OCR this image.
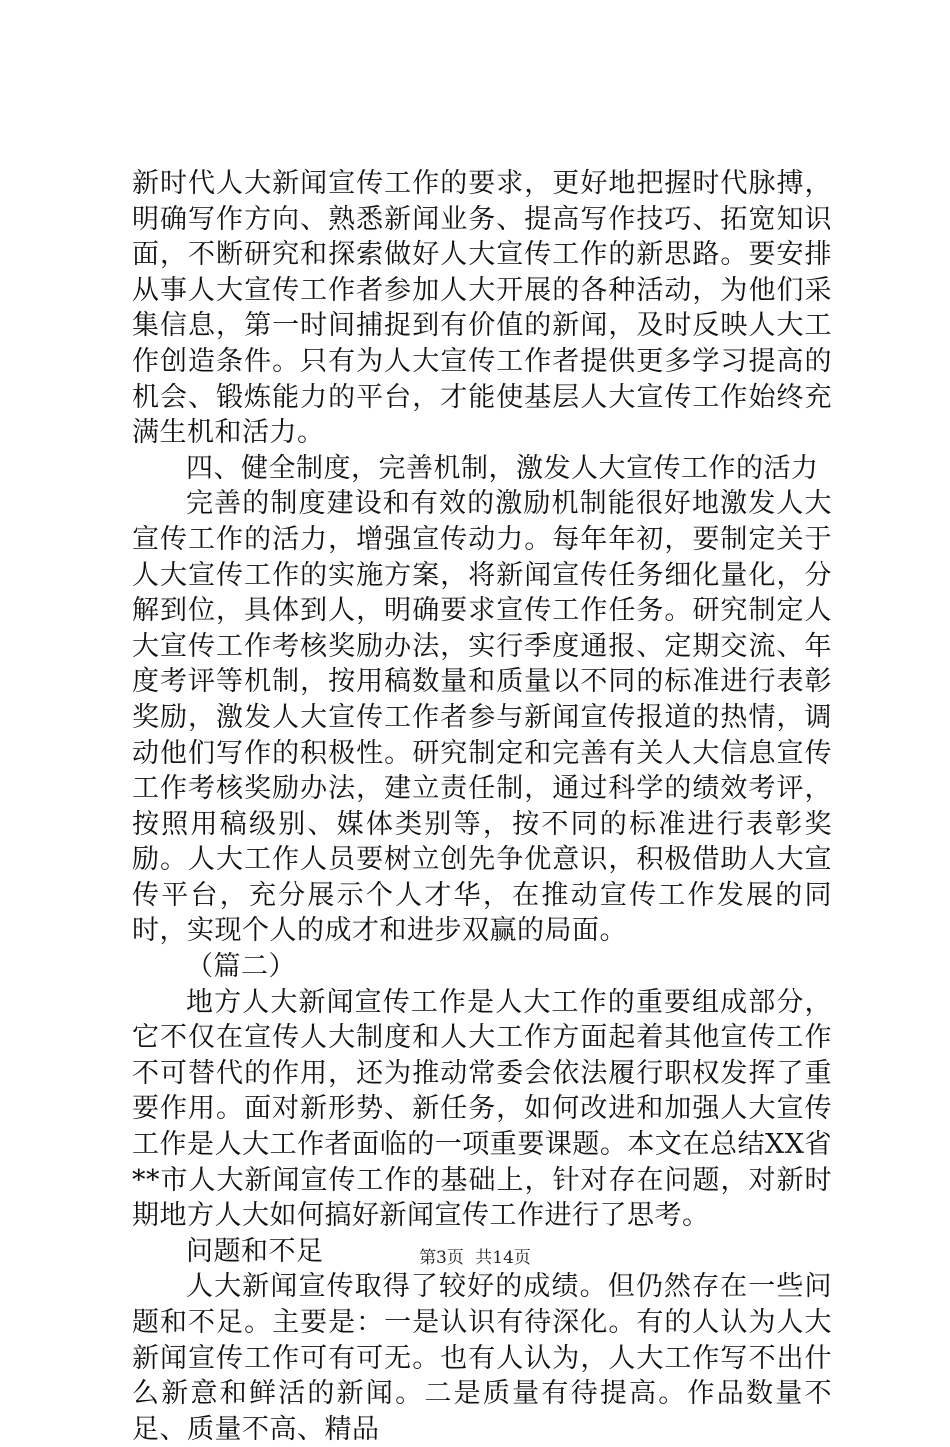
新时代人大新闻宣传工作的要求，更好地把握时代脉搏，明确写作方向、熟悉新闻业务、提高写作技巧、拓宽知识面，不断研究和探索做好人大宣传工作的新思路。要安排从事人大宣传工作者参加人大开展的各种活动，为他们采集信息，第一时间捕捉到有价值的新闻，及时反映人大工作创造条件。只有为人大宣传工作者提供更多学习提高的机会、锻炼能力的平台，才能使基层人大宣传工作始终充满生机和活力。

四、健全制度，完善机制，激发人大宣传工作的活力

完善的制度建设和有效的激励机制能很好地激发人大宣传工作的活力，增强宣传动力。每年年初，要制定关于人大宣传工作的实施方案，将新闻宣传任务细化量化，分解到位，具体到人，明确要求宣传工作任务。研究制定人大宣传工作考核奖励办法，实行季度通报、定期交流、年度考评等机制，按用稿数量和质量以不同的标准进行表彰奖励，激发人大宣传工作者参与新闻宣传报道的热情，调动他们写作的积极性。研究制定和完善有关人大信息宣传工作考核奖励办法，建立责任制，通过科学的绩效考评，按照用稿级别、媒体类别等，按不同的标准进行表彰奖励。人大工作人员要树立创先争优意识，积极借助人大宣传平台，充分展示个人才华，在推动宣传工作发展的同时，实现个人的成才和进步双赢的局面。

（篇二）

地方人大新闻宣传工作是人大工作的重要组成部分，它不仅在宣传人大制度和人大工作方面起着其他宣传工作不可替代的作用，还为推动常委会依法履行职权发挥了重要作用。面对新形势、新任务，如何改进和加强人大宣传工作是人大工作者面临的一项重要课题。本文在总结XX省**市人大新闻宣传工作的基础上，针对存在问题，对新时期地方人大如何搞好新闻宣传工作进行了思考。

问题和不足

人大新闻宣传取得了较好的成绩。但仍然存在一些问题和不足。主要是：一是认识有待深化。有的人认为人大新闻宣传工作可有可无。也有人认为，人大工作写不出什么新意和鲜活的新闻。二是质量有待提高。作品数量不足、质量不高、精品

第3页 共14页
